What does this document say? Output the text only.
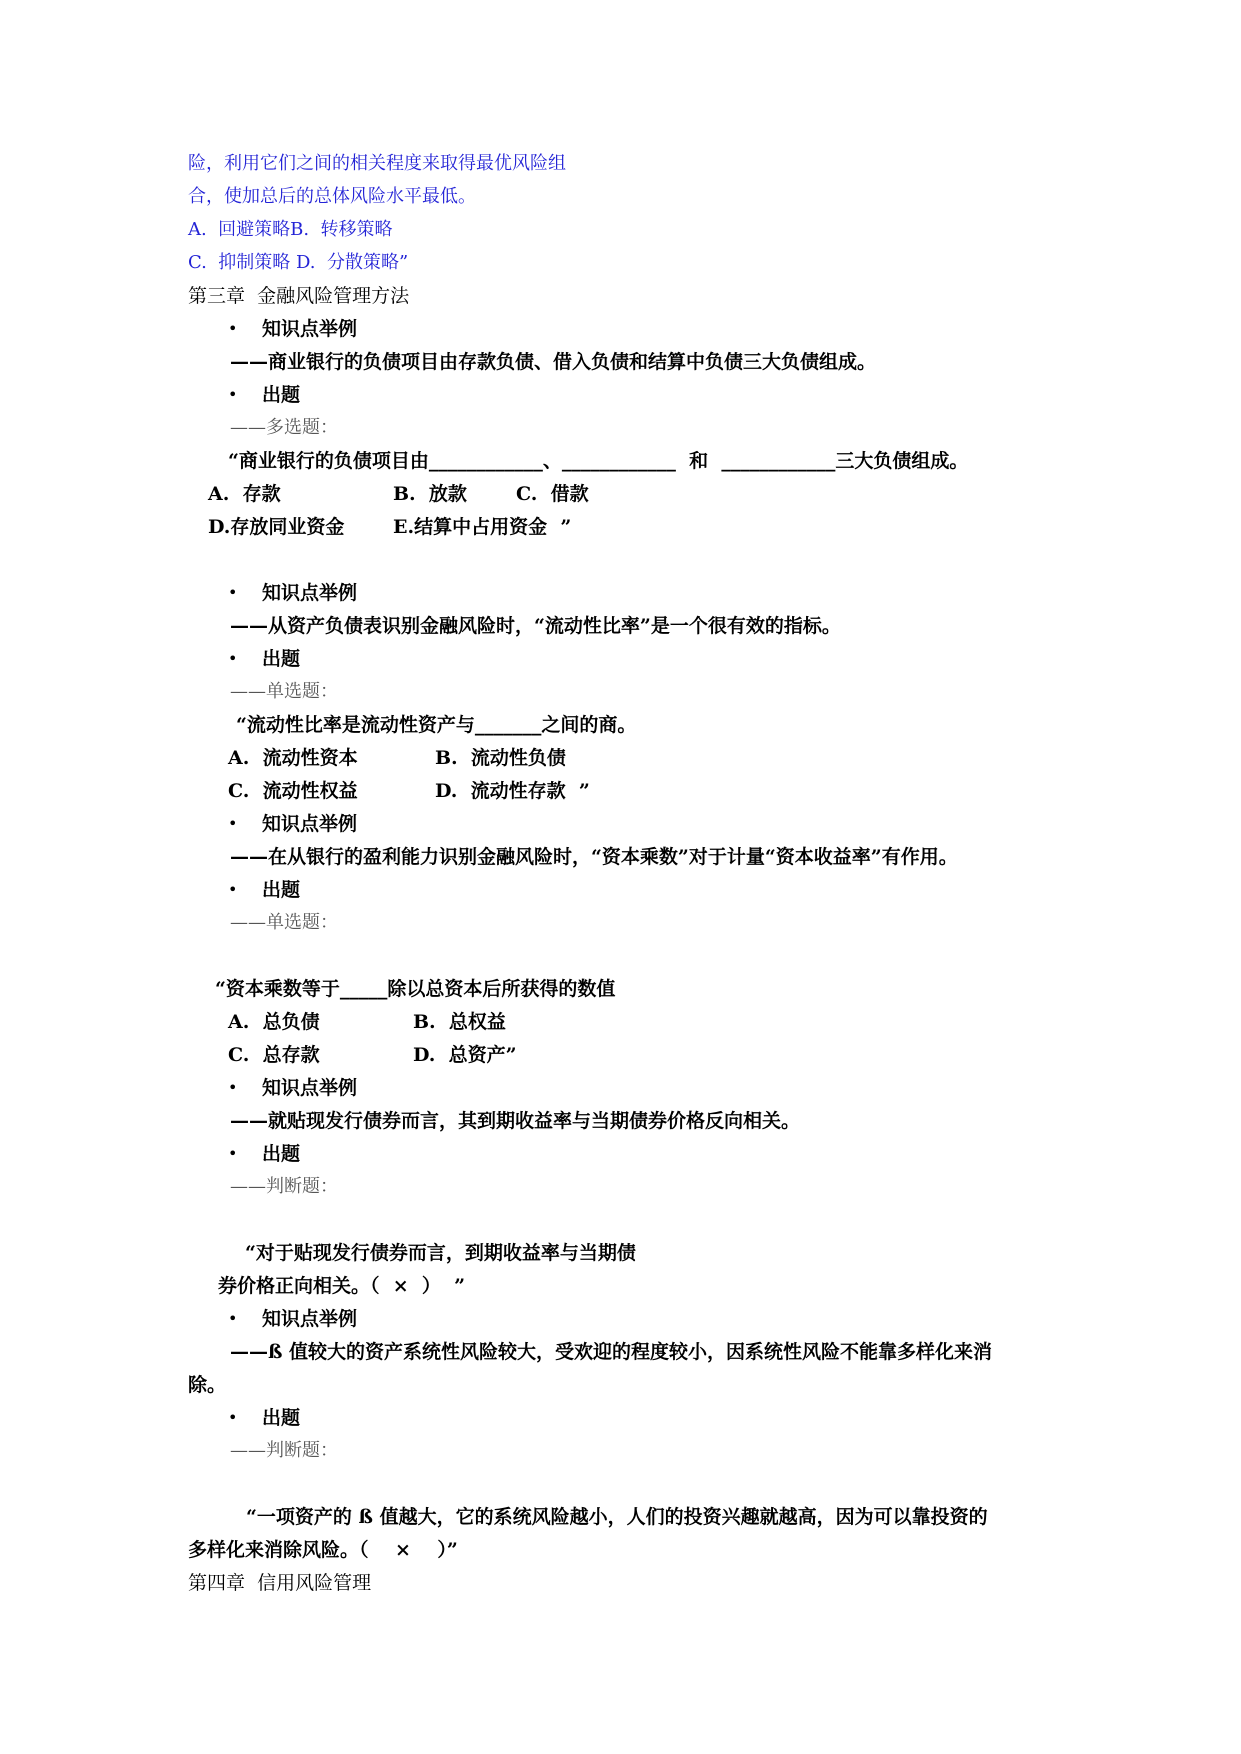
险，利用它们之间的相关程度来取得最优风险组
合，使加总后的总体风险水平最低。
A.  回避策略B.  转移策略
C.  抑制策略 D.  分散策略”
第三章  金融风险管理方法
• 知识点举例
——商业银行的负债项目由存款负债、借入负债和结算中负债三大负债组成。
• 出题
——多选题：
“商业银行的负债项目由____________、____________  和  ____________三大负债组成。
A.  存款	B.  放款	C.  借款
D.存放同业资金	E.结算中占用资金  ”
• 知识点举例
——从资产负债表识别金融风险时，“流动性比率”是一个很有效的指标。
• 出题
——单选题：
“流动性比率是流动性资产与_______之间的商。
A.  流动性资本	B.  流动性负债
C.  流动性权益	D.  流动性存款  ”
• 知识点举例
——在从银行的盈利能力识别金融风险时，“资本乘数”对于计量“资本收益率”有作用。
• 出题
——单选题：
“资本乘数等于_____除以总资本后所获得的数值
A.  总负债	B.  总权益
C.  总存款	D.  总资产”
• 知识点举例
——就贴现发行债券而言，其到期收益率与当期债券价格反向相关。
• 出题
——判断题：
“对于贴现发行债券而言，到期收益率与当期债
券价格正向相关。（  ×  ）  ”
• 知识点举例
——ß 值较大的资产系统性风险较大，受欢迎的程度较小，因系统性风险不能靠多样化来消
除。
• 出题
——判断题：
“一项资产的 ß 值越大，它的系统风险越小，人们的投资兴趣就越高，因为可以靠投资的
多样化来消除风险。（    ×    ）”
第四章  信用风险管理
